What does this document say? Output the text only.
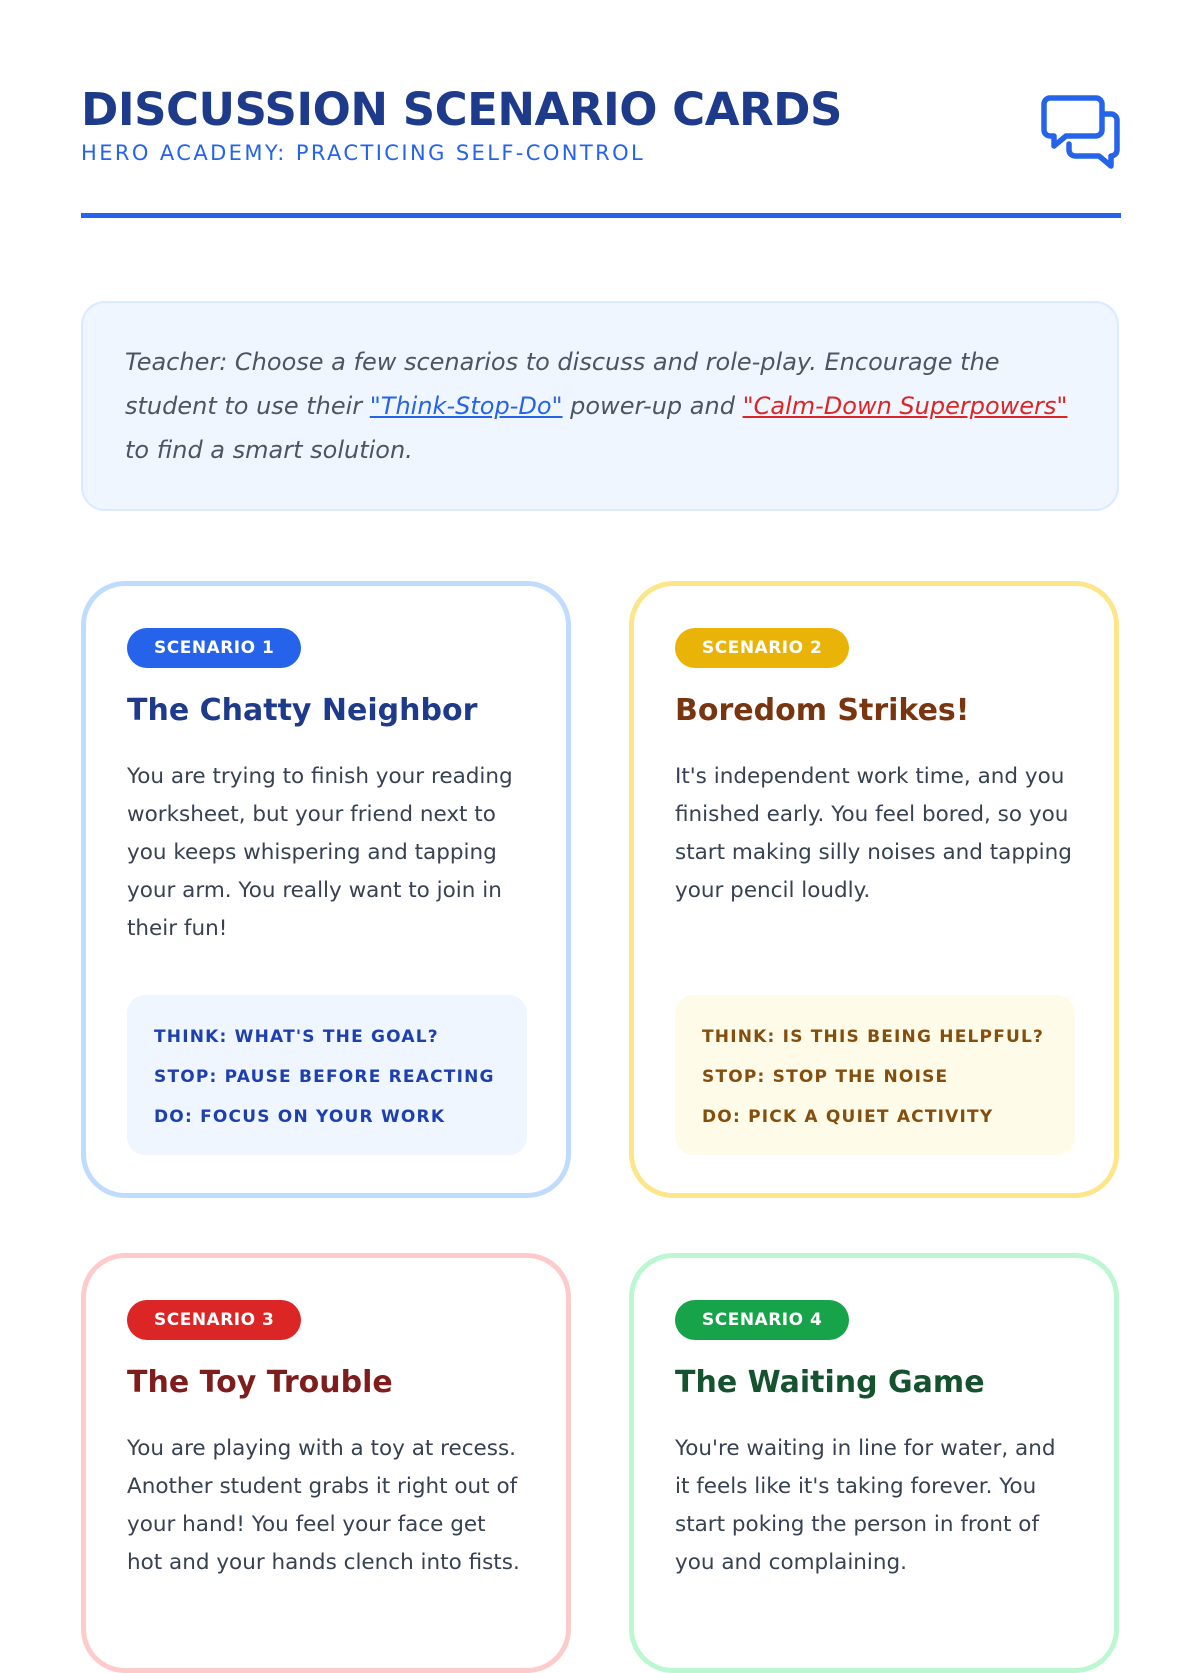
DISCUSSION SCENARIO CARDS
HERO ACADEMY: PRACTICING SELF-CONTROL
Teacher: Choose a few scenarios to discuss and role-play. Encourage the student to use their "Think-Stop-Do" power-up and "Calm-Down Superpowers" to find a smart solution.
SCENARIO 1
The Chatty Neighbor

You are trying to finish your reading worksheet, but your friend next to you keeps whispering and tapping your arm. You really want to join in their fun!

THINK: WHAT'S THE GOAL?
STOP: PAUSE BEFORE REACTING
DO: FOCUS ON YOUR WORK
SCENARIO 2
Boredom Strikes!

It's independent work time, and you finished early. You feel bored, so you start making silly noises and tapping your pencil loudly.

THINK: IS THIS BEING HELPFUL?
STOP: STOP THE NOISE
DO: PICK A QUIET ACTIVITY
SCENARIO 3
The Toy Trouble

You are playing with a toy at recess. Another student grabs it right out of your hand! You feel your face get hot and your hands clench into fists.

SCENARIO 4
The Waiting Game

You're waiting in line for water, and it feels like it's taking forever. You start poking the person in front of you and complaining.
